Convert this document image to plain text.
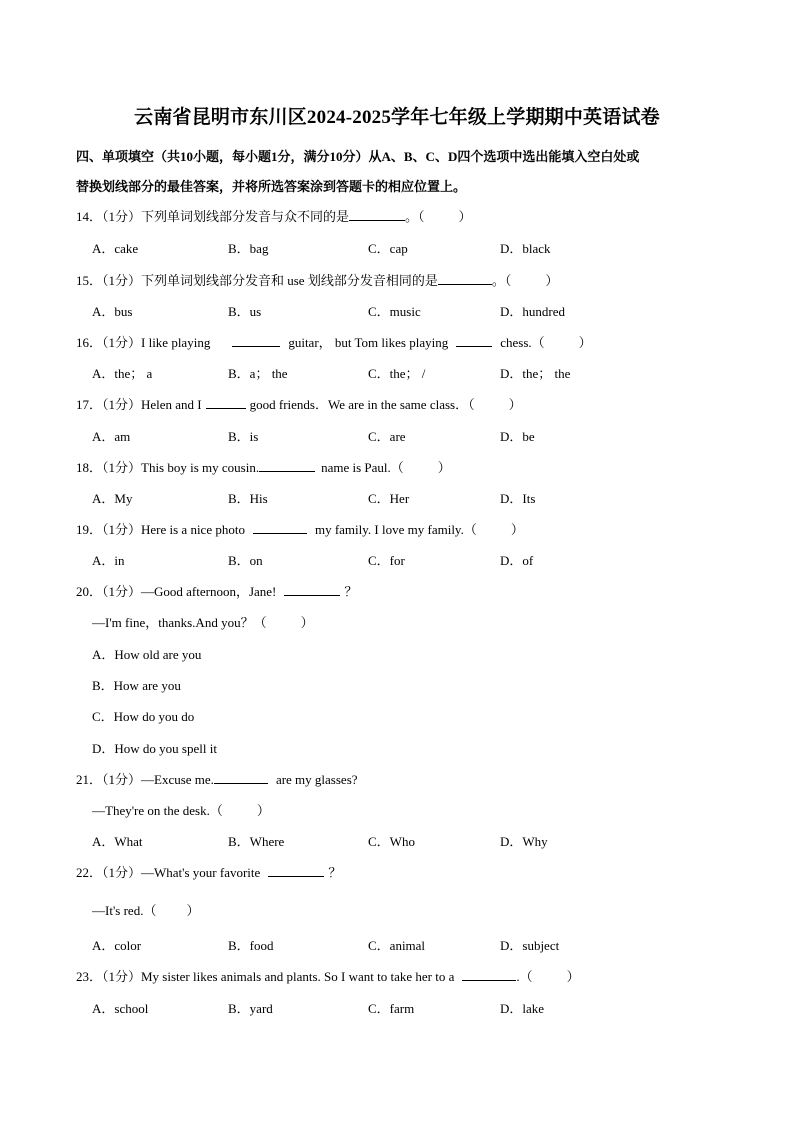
云南省昆明市东川区2024-2025学年七年级上学期期中英语试卷
四、单项填空（共10小题，每小题1分，满分10分）从A、B、C、D四个选项中选出能填入空白处或
替换划线部分的最佳答案，并将所选答案涂到答题卡的相应位置上。
14．（1分）下列单词划线部分发音与众不同的是	。（	）
A．cake	B．bag	C．cap	D．black
15．（1分）下列单词划线部分发音和 use 划线部分发音相同的是	。（	）
A．bus	B．us	C．music	D．hundred
16．（1分）I like playing	guitar， but Tom likes playing	chess.（	）
A．the； a	B．a； the	C．the； /	D．the； the
17．（1分）Helen and I	good friends．We are in the same class．（	）
A．am	B．is	C．are	D．be
18．（1分）This boy is my cousin.	name is Paul.（	）
A．My	B．His	C．Her	D．Its
19．（1分）Here is a nice photo	my family. I love my family.（	）
A．in	B．on	C．for	D．of
20．（1分）—Good afternoon，Jane!	？
—I'm fine，thanks.And you？（	）
A．How old are you
B．How are you
C．How do you do
D．How do you spell it
21．（1分）—Excuse me.	are my glasses?
—They're on the desk.（	）
A．What	B．Where	C．Who	D．Why
22．（1分）—What's your favorite	？
—It's red.（ ）
A．color	B．food	C．animal	D．subject
23．（1分）My sister likes animals and plants. So I want to take her to a	.（	）
A．school	B．yard	C．farm	D．lake
